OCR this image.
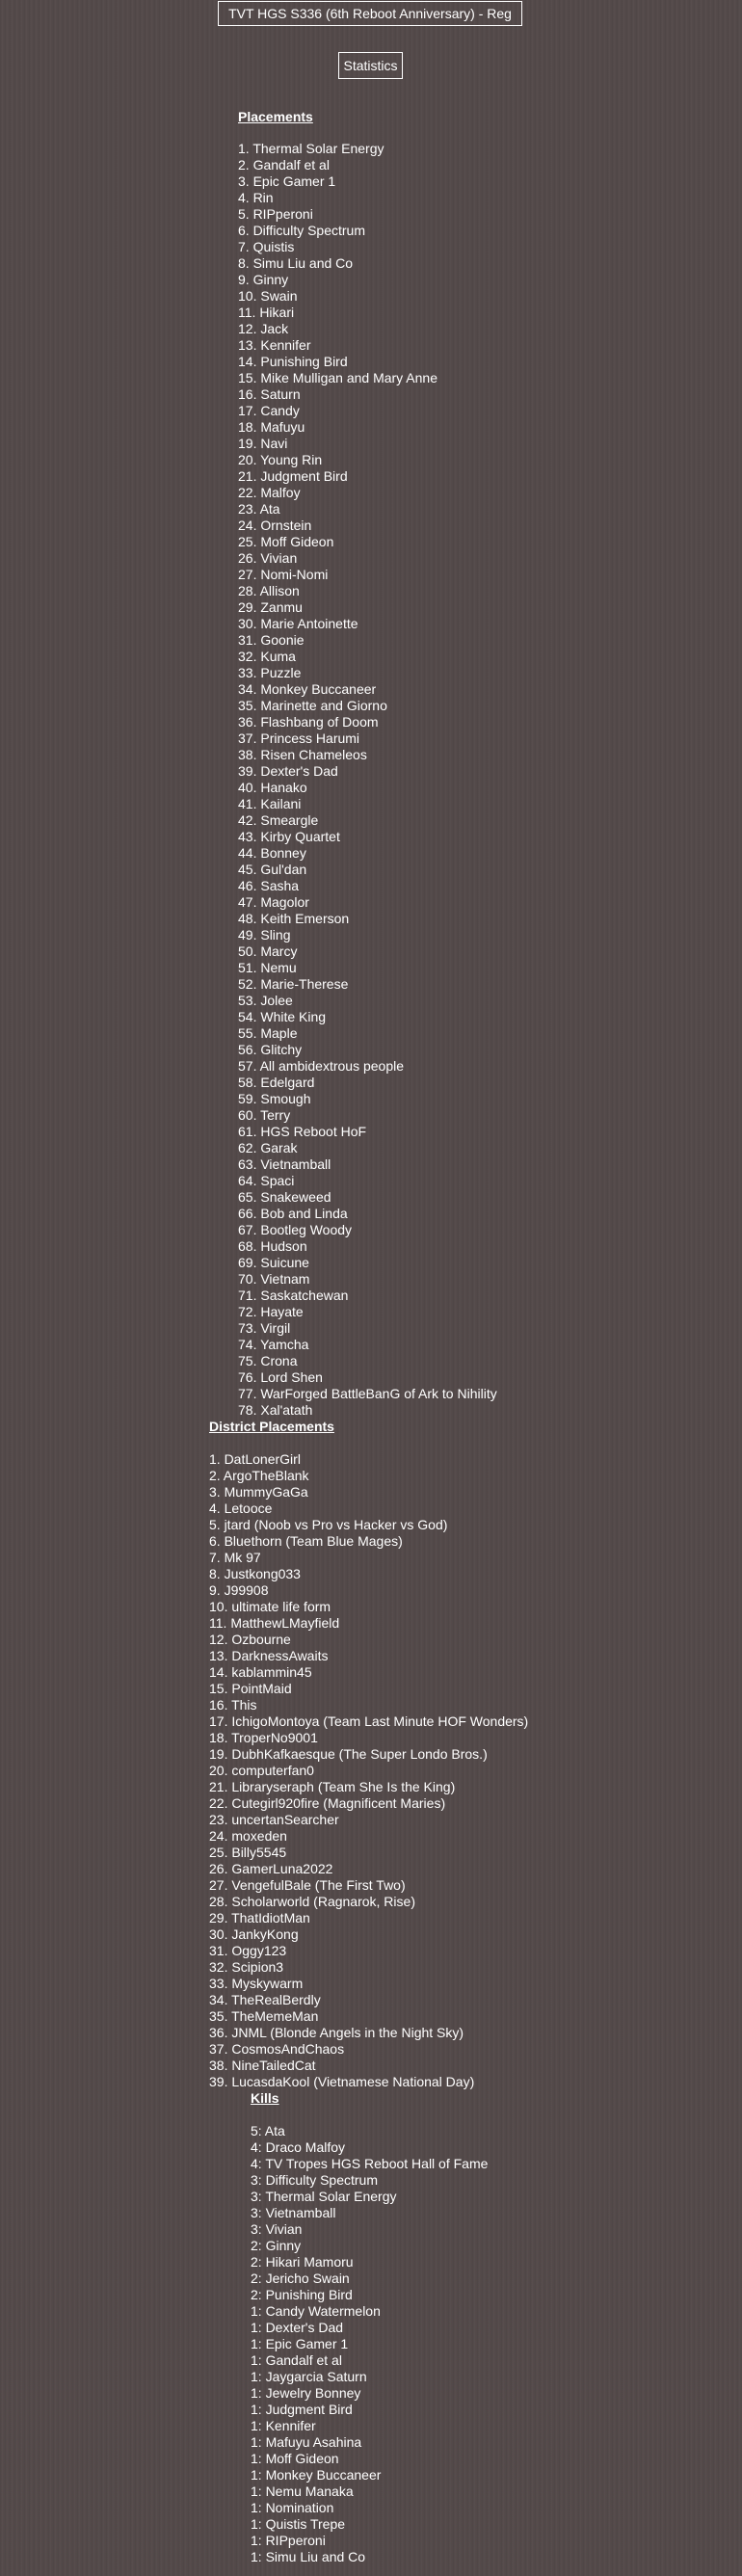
TVT HGS S336 (6th Reboot Anniversary) - Reg
Statistics
Placements
1. Thermal Solar Energy
2. Gandalf et al
3. Epic Gamer 1
4. Rin
5. RIPperoni
6. Difficulty Spectrum
7. Quistis
8. Simu Liu and Co
9. Ginny
10. Swain
11. Hikari
12. Jack
13. Kennifer
14. Punishing Bird
15. Mike Mulligan and Mary Anne
16. Saturn
17. Candy
18. Mafuyu
19. Navi
20. Young Rin
21. Judgment Bird
22. Malfoy
23. Ata
24. Ornstein
25. Moff Gideon
26. Vivian
27. Nomi-Nomi
28. Allison
29. Zanmu
30. Marie Antoinette
31. Goonie
32. Kuma
33. Puzzle
34. Monkey Buccaneer
35. Marinette and Giorno
36. Flashbang of Doom
37. Princess Harumi
38. Risen Chameleos
39. Dexter's Dad
40. Hanako
41. Kailani
42. Smeargle
43. Kirby Quartet
44. Bonney
45. Gul'dan
46. Sasha
47. Magolor
48. Keith Emerson
49. Sling
50. Marcy
51. Nemu
52. Marie-Therese
53. Jolee
54. White King
55. Maple
56. Glitchy
57. All ambidextrous people
58. Edelgard
59. Smough
60. Terry
61. HGS Reboot HoF
62. Garak
63. Vietnamball
64. Spaci
65. Snakeweed
66. Bob and Linda
67. Bootleg Woody
68. Hudson
69. Suicune
70. Vietnam
71. Saskatchewan
72. Hayate
73. Virgil
74. Yamcha
75. Crona
76. Lord Shen
77. WarForged BattleBanG of Ark to Nihility
78. Xal'atath
District Placements
1. DatLonerGirl
2. ArgoTheBlank
3. MummyGaGa
4. Letooce
5. jtard (Noob vs Pro vs Hacker vs God)
6. Bluethorn (Team Blue Mages)
7. Mk 97
8. Justkong033
9. J99908
10. ultimate life form
11. MatthewLMayfield
12. Ozbourne
13. DarknessAwaits
14. kablammin45
15. PointMaid
16. This
17. IchigoMontoya (Team Last Minute HOF Wonders)
18. TroperNo9001
19. DubhKafkaesque (The Super Londo Bros.)
20. computerfan0
21. Libraryseraph (Team She Is the King)
22. Cutegirl920fire (Magnificent Maries)
23. uncertanSearcher
24. moxeden
25. Billy5545
26. GamerLuna2022
27. VengefulBale (The First Two)
28. Scholarworld (Ragnarok, Rise)
29. ThatIdiotMan
30. JankyKong
31. Oggy123
32. Scipion3
33. Myskywarm
34. TheRealBerdly
35. TheMemeMan
36. JNML (Blonde Angels in the Night Sky)
37. CosmosAndChaos
38. NineTailedCat
39. LucasdaKool (Vietnamese National Day)
Kills
5: Ata
4: Draco Malfoy
4: TV Tropes HGS Reboot Hall of Fame
3: Difficulty Spectrum
3: Thermal Solar Energy
3: Vietnamball
3: Vivian
2: Ginny
2: Hikari Mamoru
2: Jericho Swain
2: Punishing Bird
1: Candy Watermelon
1: Dexter's Dad
1: Epic Gamer 1
1: Gandalf et al
1: Jaygarcia Saturn
1: Jewelry Bonney
1: Judgment Bird
1: Kennifer
1: Mafuyu Asahina
1: Moff Gideon
1: Monkey Buccaneer
1: Nemu Manaka
1: Nomination
1: Quistis Trepe
1: RIPperoni
1: Simu Liu and Co
